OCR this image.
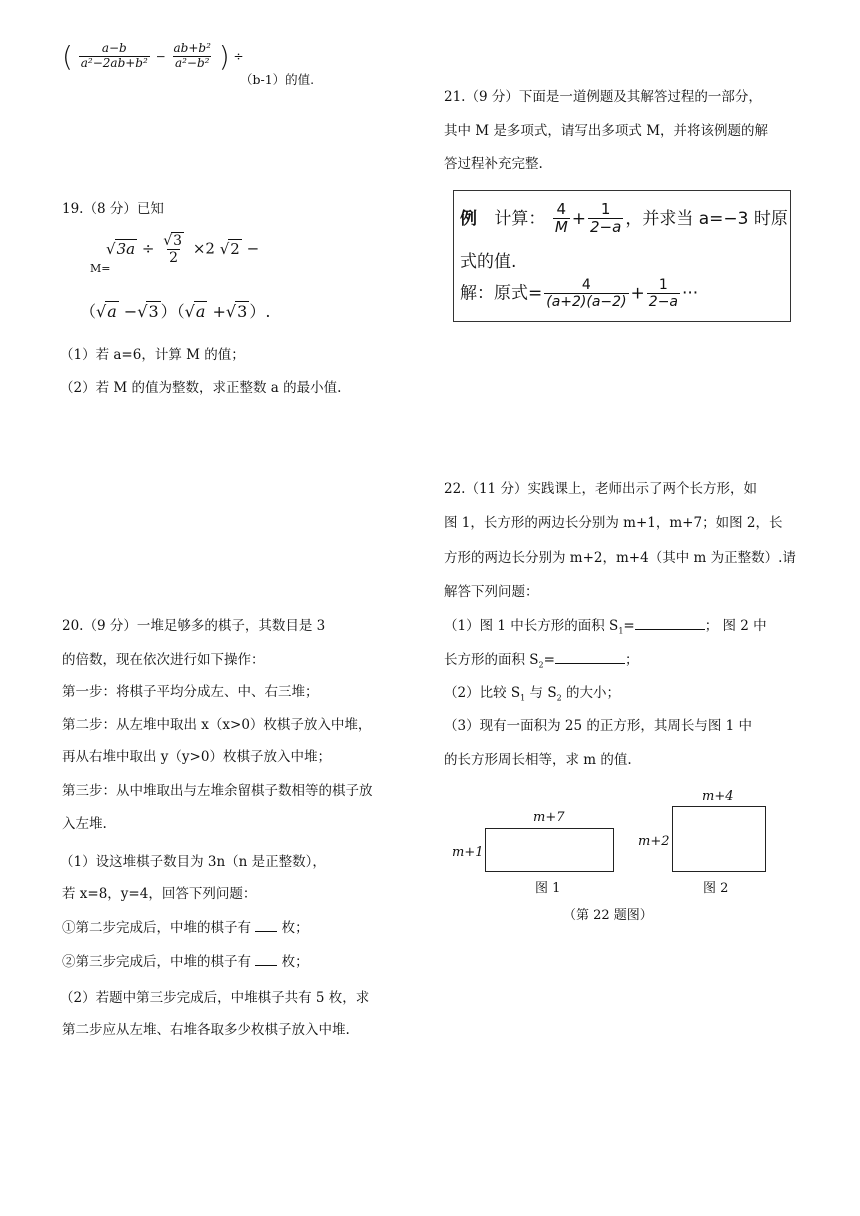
( $\frac{a-b}{\text{a²−2ab+b²}} - \frac{\text{ab+b²}}{\text{a²−b²}}$ ) ÷
（b-1）的值.
19.（8 分）已知
M=
$√3a \div \frac{√3}{2} \times 2$ √2 −
（√a −√3 ）（√a +√3 ）.
（1）若 a=6，计算 M 的值；
（2）若 M 的值为整数，求正整数 a 的最小值.
20.（9 分）一堆足够多的棋子，其数目是 3
的倍数，现在依次进行如下操作：
第一步：将棋子平均分成左、中、右三堆；
第二步：从左堆中取出 x（x>0）枚棋子放入中堆，
再从右堆中取出 y（y>0）枚棋子放入中堆；
第三步：从中堆取出与左堆余留棋子数相等的棋子放
入左堆.
（1）设这堆棋子数目为 3n（n 是正整数），
若 x=8，y=4，回答下列问题：
①第二步完成后，中堆的棋子有 枚；
②第三步完成后，中堆的棋子有 枚；
（2）若题中第三步完成后，中堆棋子共有 5 枚，求
第二步应从左堆、右堆各取多少枚棋子放入中堆.
21.（9 分）下面是一道例题及其解答过程的一部分，
其中 M 是多项式，请写出多项式 M，并将该例题的解
答过程补充完整.
例 计算： $\frac{4}{M} + \frac{1}{2-a}$ ，并求当 a=−3 时原
式的值.
解：原式= $\frac{4}{(a+2)(a-2)} + \frac{1}{2-a}$ ···
22.（11 分）实践课上，老师出示了两个长方形，如
图 1，长方形的两边长分别为 m+1，m+7；如图 2，长
方形的两边长分别为 m+2，m+4（其中 m 为正整数）.请
解答下列问题：
（1）图 1 中长方形的面积 $S_1=$	； 图 2 中
长方形的面积 $S_2=$	；
（2）比较 $S_1$ 与 $S_2$ 的大小；
（3）现有一面积为 25 的正方形，其周长与图 1 中
的长方形周长相等，求 m 的值.
m+7
m+1
图 1
m+4
m+2
图 2
（第 22 题图）
